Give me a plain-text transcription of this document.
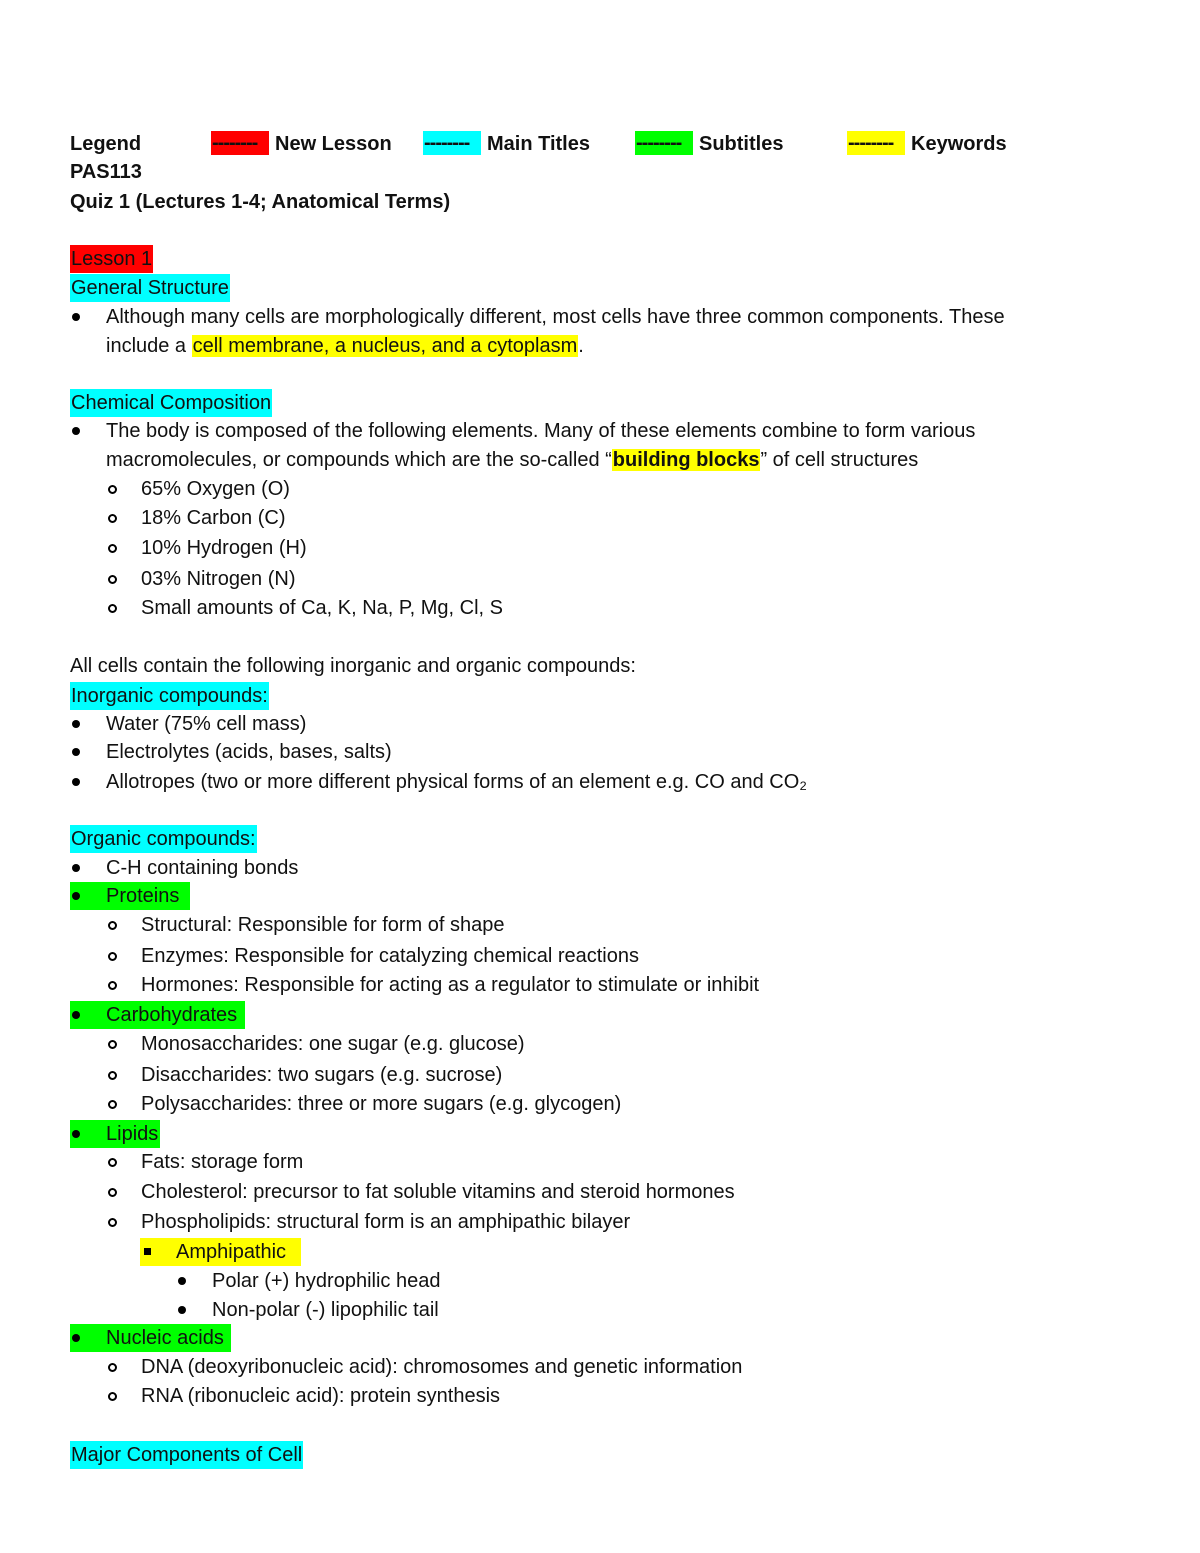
Legend	-------- New Lesson -------- Main Titles -------- Subtitles	-------- Keywords
PAS113
Quiz 1 (Lectures 1-4; Anatomical Terms)
Lesson 1
General Structure
Although many cells are morphologically different, most cells have three common components. These
include a cell membrane, a nucleus, and a cytoplasm.
Chemical Composition
The body is composed of the following elements. Many of these elements combine to form various
macromolecules, or compounds which are the so-called “building blocks” of cell structures
65% Oxygen (O)
18% Carbon (C)
10% Hydrogen (H)
03% Nitrogen (N)
Small amounts of Ca, K, Na, P, Mg, Cl, S
All cells contain the following inorganic and organic compounds:
Inorganic compounds:
Water (75% cell mass)
Electrolytes (acids, bases, salts)
Allotropes (two or more different physical forms of an element e.g. CO and CO₂
Organic compounds:
C-H containing bonds
Proteins
Structural: Responsible for form of shape
Enzymes: Responsible for catalyzing chemical reactions
Hormones: Responsible for acting as a regulator to stimulate or inhibit
Carbohydrates
Monosaccharides: one sugar (e.g. glucose)
Disaccharides: two sugars (e.g. sucrose)
Polysaccharides: three or more sugars (e.g. glycogen)
Lipids
Fats: storage form
Cholesterol: precursor to fat soluble vitamins and steroid hormones
Phospholipids: structural form is an amphipathic bilayer
Amphipathic
Polar (+) hydrophilic head
Non-polar (-) lipophilic tail
Nucleic acids
DNA (deoxyribonucleic acid): chromosomes and genetic information
RNA (ribonucleic acid): protein synthesis
Major Components of Cell
